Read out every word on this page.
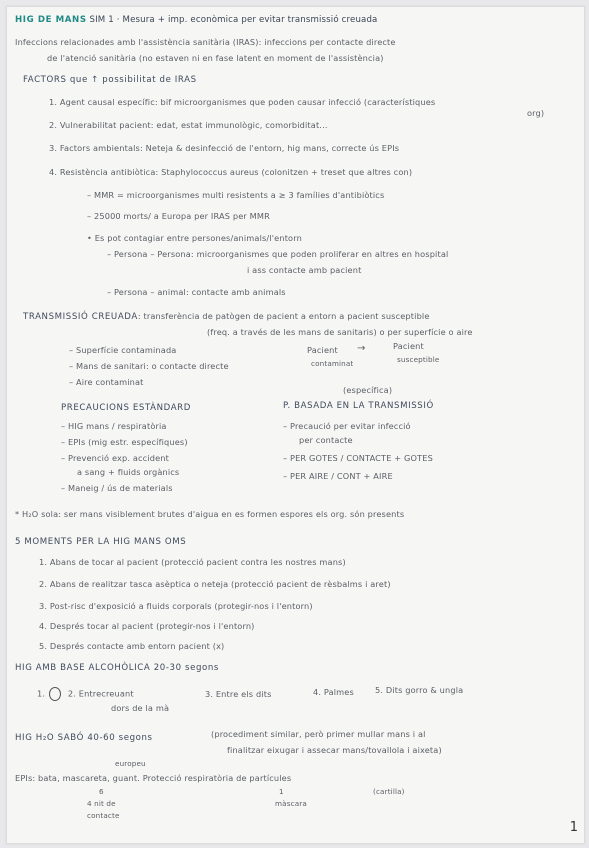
HIG DE MANS SIM 1 · Mesura + imp. econòmica per evitar transmissió creuada
Infeccions relacionades amb l'assistència sanitària (IRAS): infeccions per contacte directe
de l'atenció sanitària (no estaven ni en fase latent en moment de l'assistència)
FACTORS que ↑ possibilitat de IRAS
1. Agent causal específic: bif microorganismes que poden causar infecció (característiques
org)
2. Vulnerabilitat pacient: edat, estat immunològic, comorbiditat...
3. Factors ambientals: Neteja & desinfecció de l'entorn, hig mans, correcte ús EPIs
4. Resistència antibiòtica: Staphylococcus aureus (colonitzen + treset que altres con)
– MMR = microorganismes multi resistents a ≥ 3 famílies d'antibiòtics
– 25000 morts/ a Europa per IRAS per MMR
• Es pot contagiar entre persones/animals/l'entorn
– Persona – Persona: microorganismes que poden proliferar en altres en hospital
i ass contacte amb pacient
– Persona – animal: contacte amb animals
TRANSMISSIÓ CREUADA: transferència de patògen de pacient a entorn a pacient susceptible
(freq. a través de les mans de sanitaris) o per superfície o aire
– Superfície contaminada
– Mans de sanitari: o contacte directe
– Aire contaminat
Pacient
contaminat
→	Pacient
susceptible
(específica)
PRECAUCIONS ESTÀNDARD	P. BASADA EN LA TRANSMISSIÓ
– HIG mans / respiratòria
– EPIs (mig estr. específiques)
– Prevenció exp. accident
a sang + fluids orgànics
– Maneig / ús de materials
– Precaució per evitar infecció
per contacte
– PER GOTES / CONTACTE + GOTES
– PER AIRE / CONT + AIRE
* H₂O sola: ser mans visiblement brutes d'aigua en es formen espores els org. són presents
5 MOMENTS PER LA HIG MANS OMS
1. Abans de tocar al pacient (protecció pacient contra les nostres mans)
2. Abans de realitzar tasca asèptica o neteja (protecció pacient de rèsbalms i aret)
3. Post-risc d'exposició a fluids corporals (protegir-nos i l'entorn)
4. Després tocar al pacient (protegir-nos i l'entorn)
5. Després contacte amb entorn pacient (x)
HIG AMB BASE ALCOHÒLICA 20-30 segons
1.	2. Entrecreuant
dors de la mà
3. Entre els dits	4. Palmes	5. Dits gorro & ungla
HIG H₂O SABÓ 40-60 segons	(procediment similar, però primer mullar mans i al
finalitzar eixugar i assecar mans/tovallola i aixeta)
europeu
EPIs: bata, mascareta, guant. Protecció respiratòria de partícules
6
4 nit de
contacte
1
màscara
(cartilla)
1
